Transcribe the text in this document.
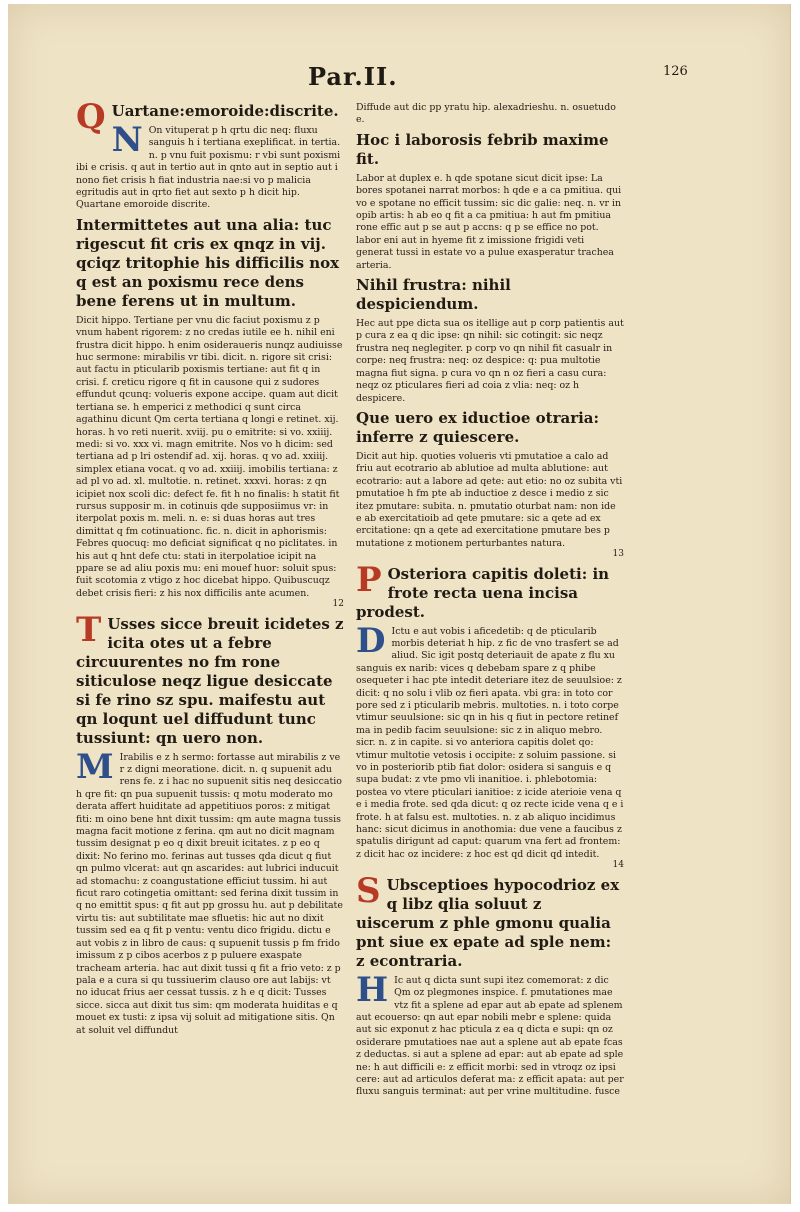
Par.II.	126
Q Uartane:emoroide:discrite.

N On vituperat p h qrtu dic neq: fluxu sanguis h i tertiana exeplificat. in tertia. n. p vnu fuit poxismu: r vbi sunt poxismi ibi e crisis. q aut in tertio aut in qnto aut in septio aut i nono fiet crisis h fiat industria nae:si vo p malicia egritudis aut in qrto fiet aut sexto p h dicit hip. Quartane emoroide discrite.

Intermittetes aut una alia: tuc rigescut fit cris ex qnqz in vij. qciqz tritophie his difficilis nox q est an poxismu rece dens bene ferens ut in multum.

Dicit hippo. Tertiane per vnu dic faciut poxismu z p vnum habent rigorem: z no credas iutile ee h. nihil eni frustra dicit hippo. h enim osideraueris nunqz audiuisse huc sermone: mirabilis vr tibi. dicit. n. rigore sit crisi: aut factu in pticularib poxismis tertiane: aut fit q in crisi. f. creticu rigore q fit in causone qui z sudores effundut qcunq: volueris expone accipe. quam aut dicit tertiana se. h emperici z methodici q sunt circa agathinu dicunt Qm certa tertiana q longi e retinet. xij. horas. h vo reti nuerit. xviij. pu o emitrite: si vo. xxiiij. medi: si vo. xxx vi. magn emitrite. Nos vo h dicim: sed tertiana ad p lri ostendif ad. xij. horas. q vo ad. xxiiij. simplex etiana vocat. q vo ad. xxiiij. imobilis tertiana: z ad pl vo ad. xl. multotie. n. retinet. xxxvi. horas: z qn icipiet nox scoli dic: defect fe. fit h no finalis: h statit fit rursus supposir m. in cotinuis qde supposiimus vr: in iterpolat poxis m. meli. n. e: si duas horas aut tres dimittat q fm cotinuationc. fic. n. dicit in aphorismis: Febres quocuq: mo deficiat significat q no piclitates. in his aut q hnt defe ctu: stati in iterpolatioe icipit na ppare se ad aliu poxis mu: eni mouef huor: soluit spus: fuit scotomia z vtigo z hoc dicebat hippo. Quibuscuqz debet crisis fieri: z his nox difficilis ante acumen.

12
T Usses sicce breuit icidetes z icita otes ut a febre circuurentes no fm rone siticulose neqz ligue desiccate si fe rino sz spu. maifestu aut qn loqunt uel diffudunt tunc tussiunt: qn uero non.

M Irabilis e z h sermo: fortasse aut mirabilis z ve r z digni meoratione. dicit. n. q supuenit adu rens fe. z i hac no supuenit sitis neq desiccatio h qre fit: qn pua supuenit tussis: q motu moderato mo derata affert huiditate ad appetitiuos poros: z mitigat fiti: m oino bene hnt dixit tussim: qm aute magna tussis magna facit motione z ferina. qm aut no dicit magnam tussim designat p eo q dixit breuit icitates. z p eo q dixit: No ferino mo. ferinas aut tusses qda dicut q fiut qn pulmo vlcerat: aut qn ascarides: aut lubrici inducuit ad stomachu: z coangustatione efficiut tussim. hi aut ficut raro cotingetia omittant: sed ferina dixit tussim in q no emittit spus: q fit aut pp grossu hu. aut p debilitate virtu tis: aut subtilitate mae sfluetis: hic aut no dixit tussim sed ea q fit p ventu: ventu dico frigidu. dictu e aut vobis z in libro de caus: q supuenit tussis p fm frido imissum z p cibos acerbos z p puluere exaspate tracheam arteria. hac aut dixit tussi q fit a frio veto: z p pala e a cura si qu tussiuerim clauso ore aut labijs: vt no iducat frius aer cessat tussis. z h e q dicit: Tusses sicce. sicca aut dixit tus sim: qm moderata huiditas e q mouet ex tusti: z ipsa vij soluit ad mitigatione sitis. Qn at soluit vel diffundut

Diffude aut dic pp yratu hip. alexadrieshu. n. osuetudo e.

Hoc i laborosis febrib maxime fit.

Labor at duplex e. h qde spotane sicut dicit ipse: La bores spotanei narrat morbos: h qde e a ca pmitiua. qui vo e spotane no efficit tussim: sic dic galie: neq. n. vr in opib artis: h ab eo q fit a ca pmitiua: h aut fm pmitiua rone effic aut p se aut p accns: q p se effice no pot. labor eni aut in hyeme fit z imissione frigidi veti generat tussi in estate vo a pulue exasperatur trachea arteria.

Nihil frustra: nihil despiciendum.

Hec aut ppe dicta sua os itellige aut p corp patientis aut p cura z ea q dic ipse: qn nihil: sic cotingit: sic neqz frustra neq neglegiter. p corp vo qn nihil fit casualr in corpe: neq frustra: neq: oz despice: q: pua multotie magna fiut signa. p cura vo qn n oz fieri a casu cura: neqz oz pticulares fieri ad coia z vlia: neq: oz h despicere.

Que uero ex iductioe otraria: inferre z quiescere.

Dicit aut hip. quoties volueris vti pmutatioe a calo ad friu aut ecotrario ab ablutioe ad multa ablutione: aut ecotrario: aut a labore ad qete: aut etio: no oz subita vti pmutatioe h fm pte ab inductioe z desce i medio z sic itez pmutare: subita. n. pmutatio oturbat nam: non ide e ab exercitatioib ad qete pmutare: sic a qete ad ex ercitatione: qn a qete ad exercitatione pmutare bes p mutatione z motionem perturbantes natura.

13
P Osteriora capitis doleti: in frote recta uena incisa prodest.

D Ictu e aut vobis i aficedetib: q de pticularib morbis deteriat h hip. z fic de vno trasfert se ad aliud. Sic igit postq deteriauit de apate z flu xu sanguis ex narib: vices q debebam spare z q phibe osequeter i hac pte intedit deteriare itez de seuulsioe: z dicit: q no solu i vlib oz fieri apata. vbi gra: in toto cor pore sed z i pticularib mebris. multoties. n. i toto corpe vtimur seuulsione: sic qn in his q fiut in pectore retinef ma in pedib facim seuulsione: sic z in aliquo mebro. sicr. n. z in capite. si vo anteriora capitis dolet qo: vtimur multotie vetosis i occipite: z soluim passione. si vo in posteriorib ptib fiat dolor: osidera si sanguis e q supa budat: z vte pmo vli inanitioe. i. phlebotomia: postea vo vtere pticulari ianitioe: z icide aterioie vena q e i media frote. sed qda dicut: q oz recte icide vena q e i frote. h at falsu est. multoties. n. z ab aliquo incidimus hanc: sicut dicimus in anothomia: due vene a faucibus z spatulis dirigunt ad caput: quarum vna fert ad frontem: z dicit hac oz incidere: z hoc est qd dicit qd intedit.

14
S Ubsceptioes hypocodrioz ex q libz qlia soluut z uiscerum z phle gmonu qualia pnt siue ex epate ad sple nem: z econtraria.

H Ic aut q dicta sunt supi itez comemorat: z dic Qm oz plegmones inspice. f. pmutationes mae vtz fit a splene ad epar aut ab epate ad splenem aut ecouerso: qn aut epar nobili mebr e splene: quida aut sic exponut z hac pticula z ea q dicta e supi: qn oz osiderare pmutatioes nae aut a splene aut ab epate fcas z deductas. si aut a splene ad epar: aut ab epate ad sple ne: h aut difficili e: z efficit morbi: sed in vtroqz oz ipsi cere: aut ad articulos deferat ma: z efficit apata: aut per fluxu sanguis terminat: aut per vrine multitudine. fusce
